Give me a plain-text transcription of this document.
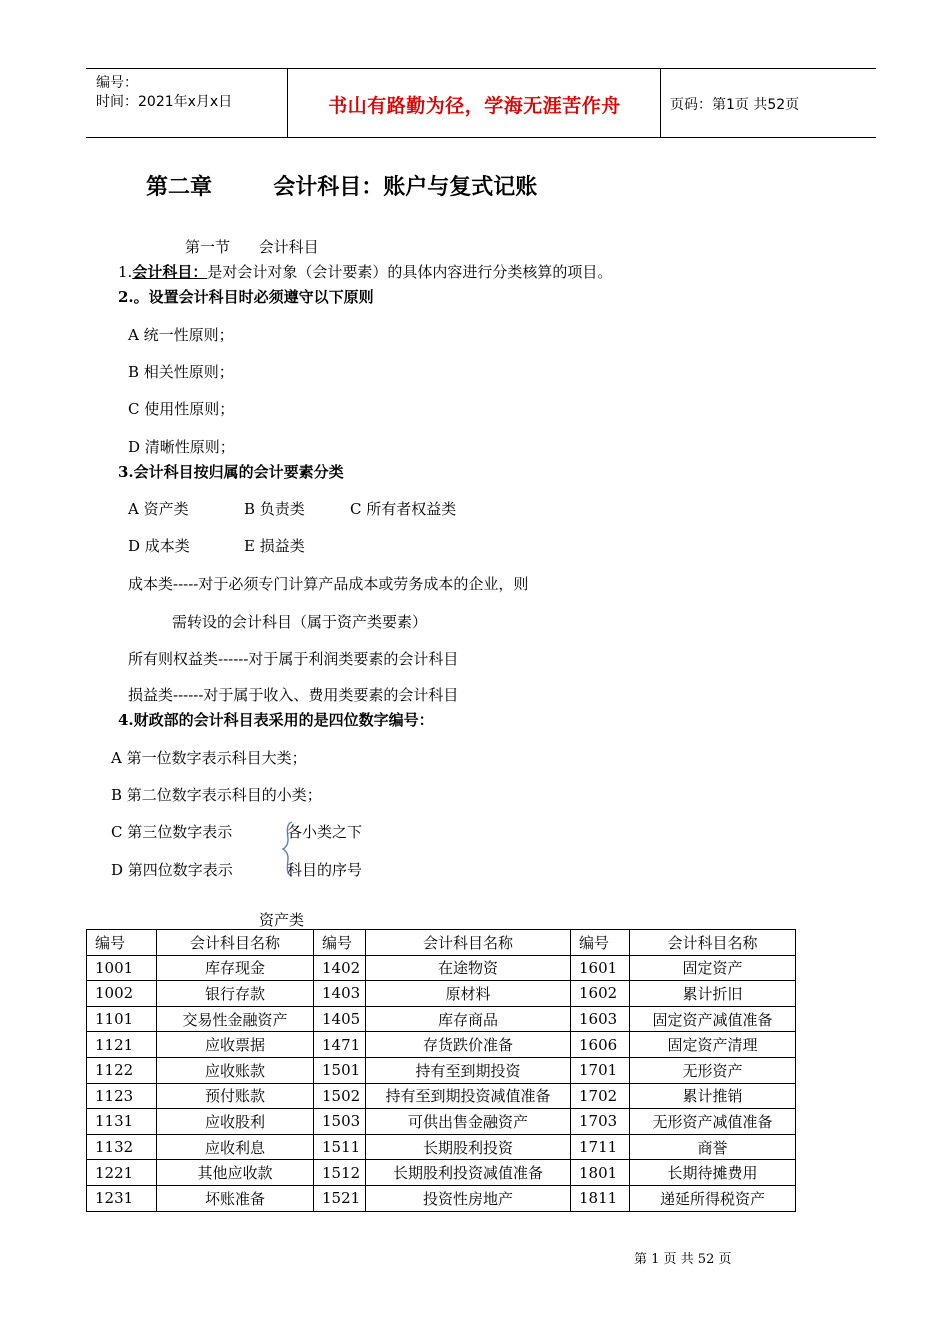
编号：
时间：2021年x月x日	书山有路勤为径，学海无涯苦作舟	页码：第1页 共52页
第二章        会计科目：账户与复式记账
第一节      会计科目
1.会计科目：是对会计对象（会计要素）的具体内容进行分类核算的项目。
2.。设置会计科目时必须遵守以下原则
A 统一性原则；
B 相关性原则；
C 使用性原则；
D 清晰性原则；
3.会计科目按归属的会计要素分类
A 资产类	B 负责类	C 所有者权益类
D 成本类	E 损益类
成本类-----对于必须专门计算产品成本或劳务成本的企业，则
需转设的会计科目（属于资产类要素）
所有则权益类------对于属于利润类要素的会计科目
损益类------对于属于收入、费用类要素的会计科目
4.财政部的会计科目表采用的是四位数字编号：
A 第一位数字表示科目大类；
B 第二位数字表示科目的小类；
C 第三位数字表示
D 第四位数字表示
各小类之下
科目的序号
资产类
编号	会计科目名称	编号	会计科目名称	编号	会计科目名称
1001	库存现金	1402	在途物资	1601	固定资产
1002	银行存款	1403	原材料	1602	累计折旧
1101	交易性金融资产	1405	库存商品	1603	固定资产减值准备
1121	应收票据	1471	存货跌价准备	1606	固定资产清理
1122	应收账款	1501	持有至到期投资	1701	无形资产
1123	预付账款	1502	持有至到期投资减值准备	1702	累计推销
1131	应收股利	1503	可供出售金融资产	1703	无形资产减值准备
1132	应收利息	1511	长期股利投资	1711	商誉
1221	其他应收款	1512	长期股利投资减值准备	1801	长期待摊费用
1231	坏账准备	1521	投资性房地产	1811	递延所得税资产
第 1 页 共 52 页
